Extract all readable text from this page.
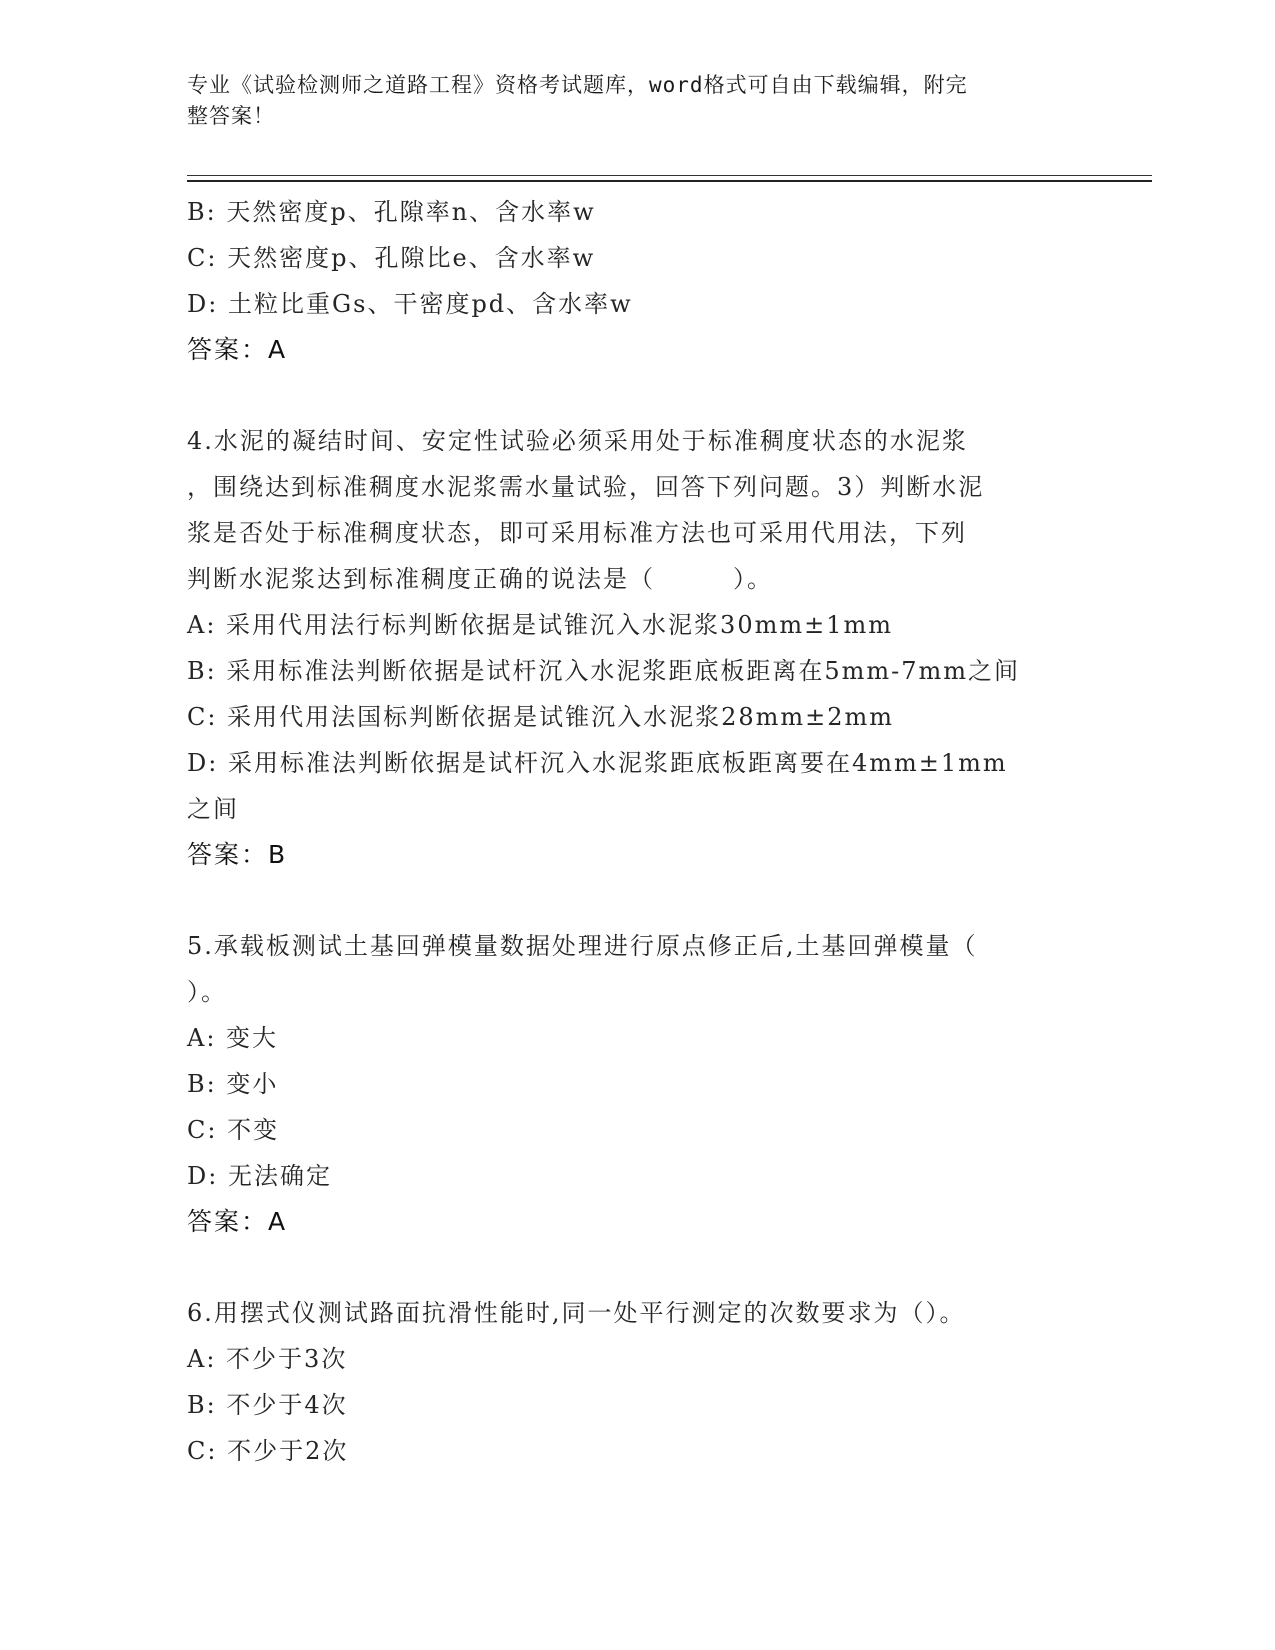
专业《试验检测师之道路工程》资格考试题库，word格式可自由下载编辑，附完
整答案！
B: 天然密度p、孔隙率n、含水率w
C: 天然密度p、孔隙比e、含水率w
D: 土粒比重Gs、干密度pd、含水率w
答案：A
4.水泥的凝结时间、安定性试验必须采用处于标准稠度状态的水泥浆
，围绕达到标准稠度水泥浆需水量试验，回答下列问题。3）判断水泥
浆是否处于标准稠度状态，即可采用标准方法也可采用代用法，下列
判断水泥浆达到标准稠度正确的说法是（　　　）。
A: 采用代用法行标判断依据是试锥沉入水泥浆30mm±1mm
B: 采用标准法判断依据是试杆沉入水泥浆距底板距离在5mm-7mm之间
C: 采用代用法国标判断依据是试锥沉入水泥浆28mm±2mm
D: 采用标准法判断依据是试杆沉入水泥浆距底板距离要在4mm±1mm
之间
答案：B
5.承载板测试土基回弹模量数据处理进行原点修正后,土基回弹模量（
）。
A: 变大
B: 变小
C: 不变
D: 无法确定
答案：A
6.用摆式仪测试路面抗滑性能时,同一处平行测定的次数要求为（）。
A: 不少于3次
B: 不少于4次
C: 不少于2次
